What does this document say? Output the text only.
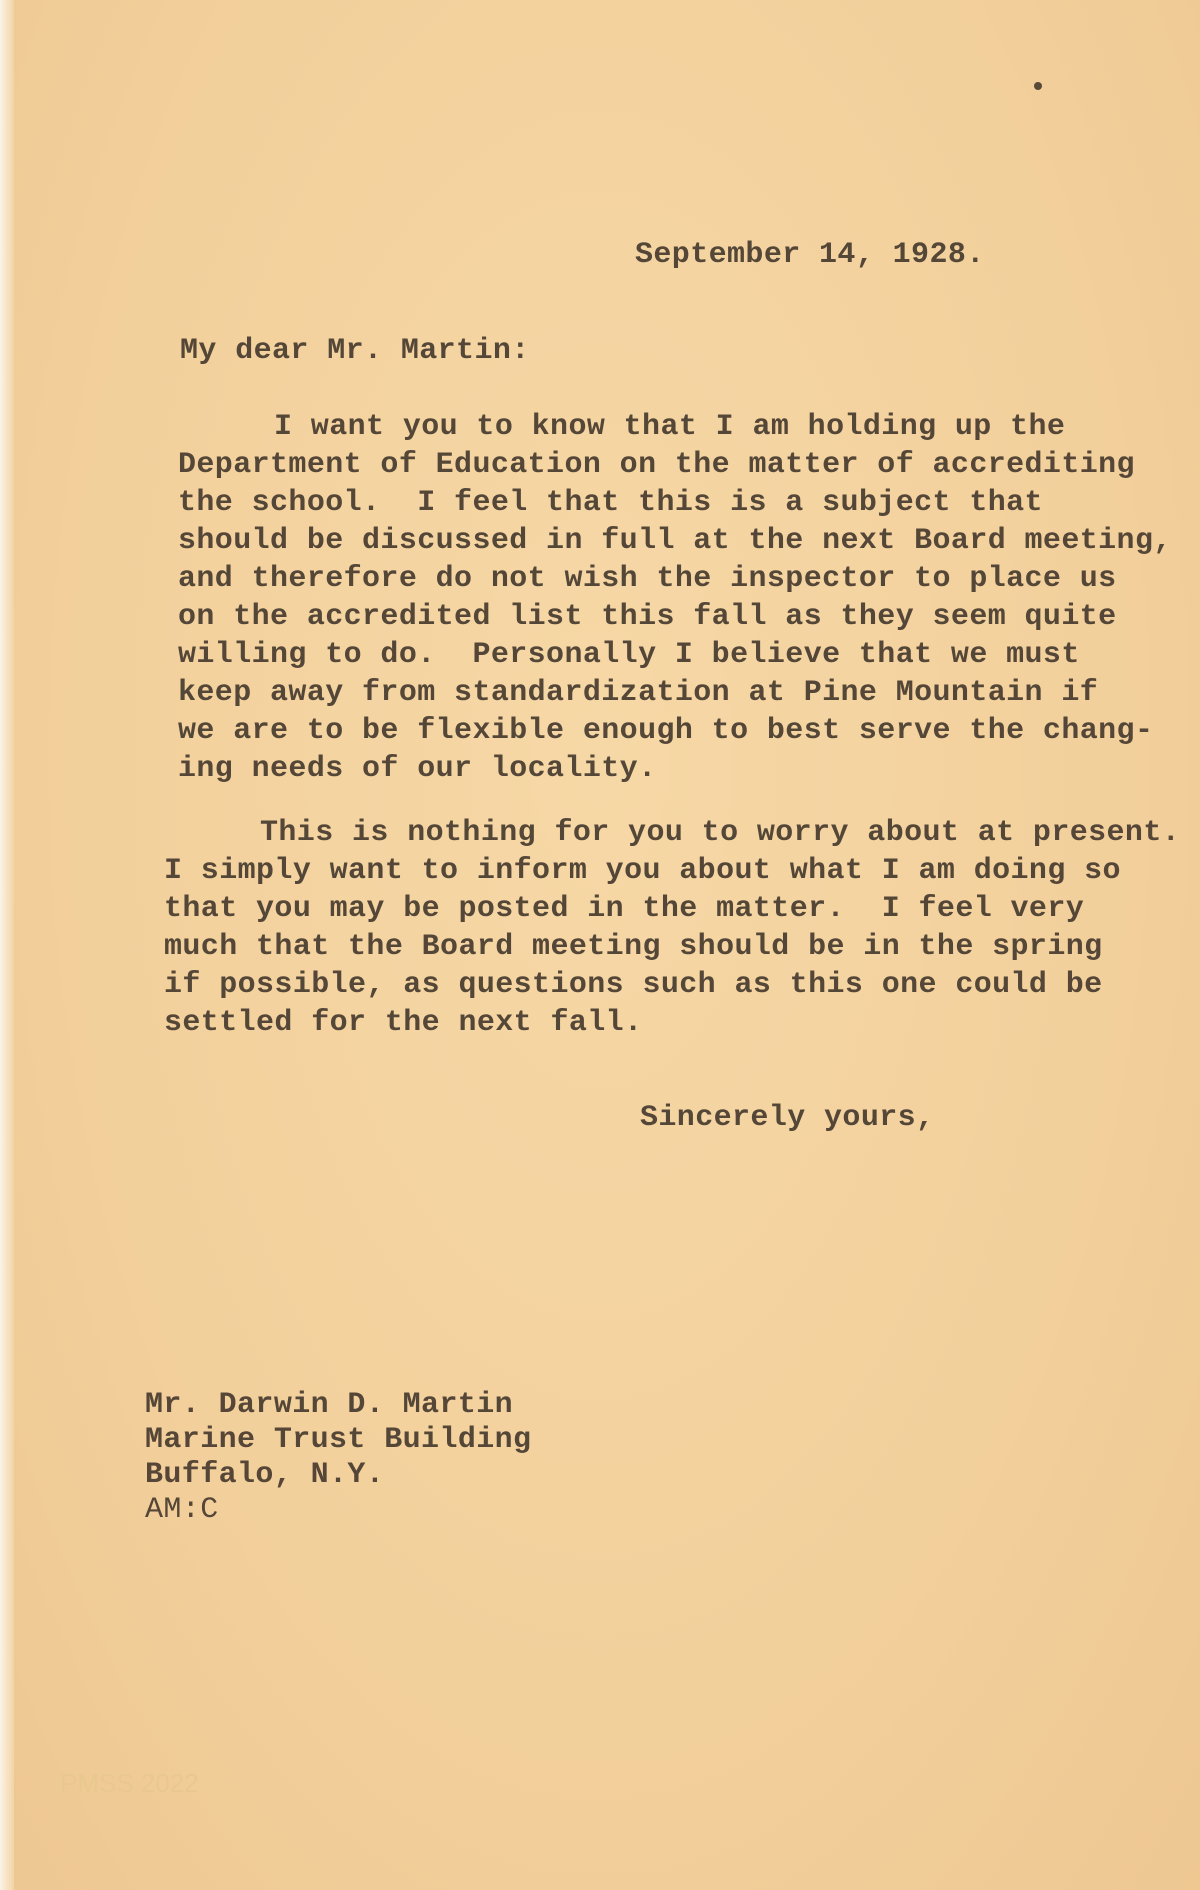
September 14, 1928.
My dear Mr. Martin:
I want you to know that I am holding up the
Department of Education on the matter of accrediting
the school.  I feel that this is a subject that
should be discussed in full at the next Board meeting,
and therefore do not wish the inspector to place us
on the accredited list this fall as they seem quite
willing to do.  Personally I believe that we must
keep away from standardization at Pine Mountain if
we are to be flexible enough to best serve the chang-
ing needs of our locality.
This is nothing for you to worry about at present.
I simply want to inform you about what I am doing so
that you may be posted in the matter.  I feel very
much that the Board meeting should be in the spring
if possible, as questions such as this one could be
settled for the next fall.
Sincerely yours,
Mr. Darwin D. Martin
Marine Trust Building
Buffalo, N.Y.
AM:C
PMSS 2022
